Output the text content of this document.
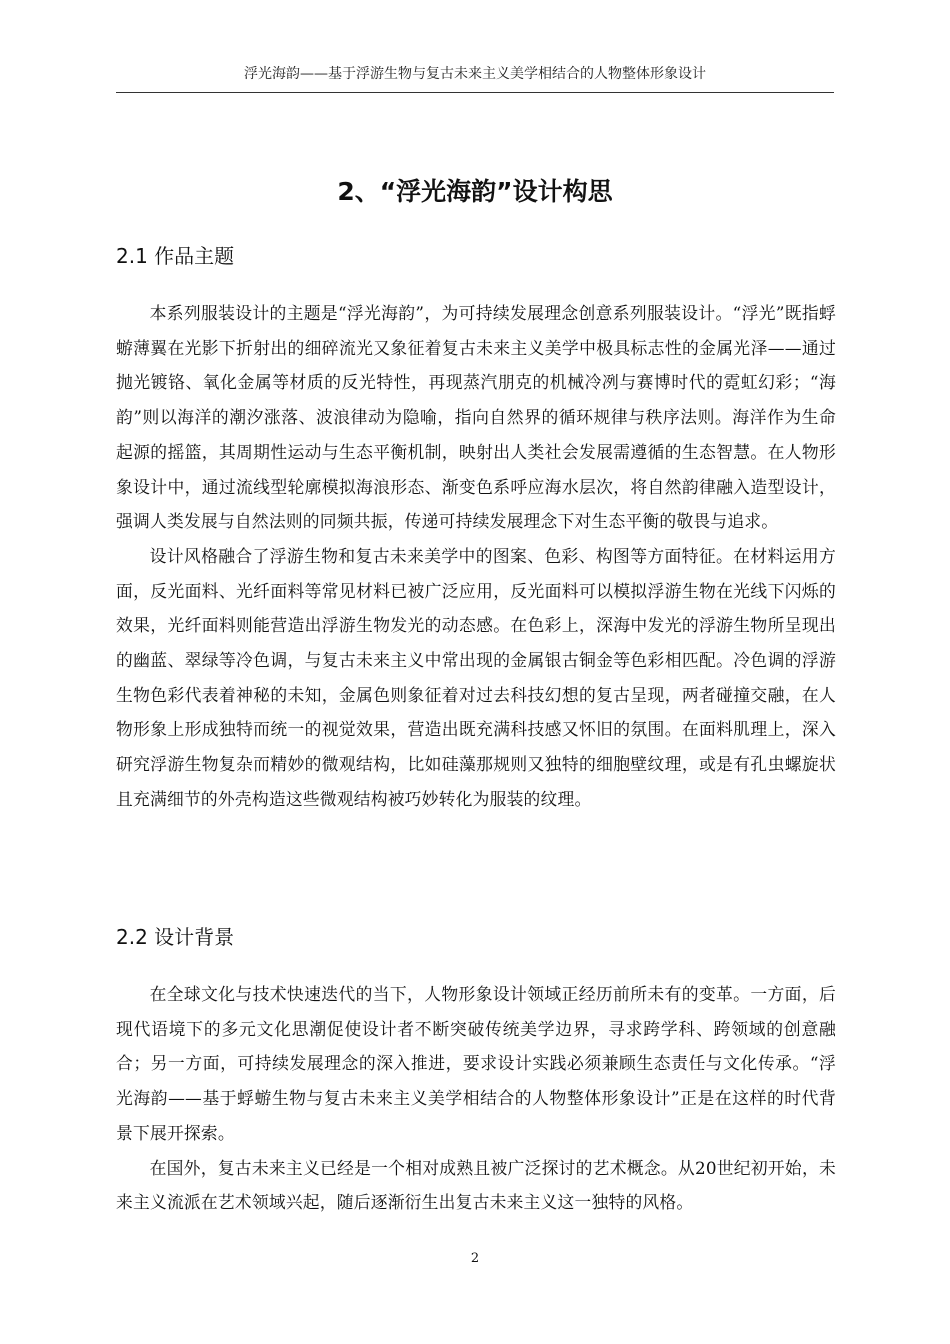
浮光海韵——基于浮游生物与复古未来主义美学相结合的人物整体形象设计
2、“浮光海韵”设计构思
2.1 作品主题

本系列服装设计的主题是“浮光海韵”，为可持续发展理念创意系列服装设计。“浮光”既指蜉蝣薄翼在光影下折射出的细碎流光又象征着复古未来主义美学中极具标志性的金属光泽——通过抛光镀铬、氧化金属等材质的反光特性，再现蒸汽朋克的机械冷冽与赛博时代的霓虹幻彩；“海韵”则以海洋的潮汐涨落、波浪律动为隐喻，指向自然界的循环规律与秩序法则。海洋作为生命起源的摇篮，其周期性运动与生态平衡机制，映射出人类社会发展需遵循的生态智慧。在人物形象设计中，通过流线型轮廓模拟海浪形态、渐变色系呼应海水层次，将自然韵律融入造型设计，强调人类发展与自然法则的同频共振，传递可持续发展理念下对生态平衡的敬畏与追求。

设计风格融合了浮游生物和复古未来美学中的图案、色彩、构图等方面特征。在材料运用方面，反光面料、光纤面料等常见材料已被广泛应用，反光面料可以模拟浮游生物在光线下闪烁的效果，光纤面料则能营造出浮游生物发光的动态感。在色彩上，深海中发光的浮游生物所呈现出的幽蓝、翠绿等冷色调，与复古未来主义中常出现的金属银古铜金等色彩相匹配。冷色调的浮游生物色彩代表着神秘的未知，金属色则象征着对过去科技幻想的复古呈现，两者碰撞交融，在人物形象上形成独特而统一的视觉效果，营造出既充满科技感又怀旧的氛围。在面料肌理上，深入研究浮游生物复杂而精妙的微观结构，比如硅藻那规则又独特的细胞壁纹理，或是有孔虫螺旋状且充满细节的外壳构造这些微观结构被巧妙转化为服装的纹理。

2.2 设计背景

在全球文化与技术快速迭代的当下，人物形象设计领域正经历前所未有的变革。一方面，后现代语境下的多元文化思潮促使设计者不断突破传统美学边界，寻求跨学科、跨领域的创意融合；另一方面，可持续发展理念的深入推进，要求设计实践必须兼顾生态责任与文化传承。“浮光海韵——基于蜉蝣生物与复古未来主义美学相结合的人物整体形象设计”正是在这样的时代背景下展开探索。

在国外，复古未来主义已经是一个相对成熟且被广泛探讨的艺术概念。从20世纪初开始，未来主义流派在艺术领域兴起，随后逐渐衍生出复古未来主义这一独特的风格。

2
